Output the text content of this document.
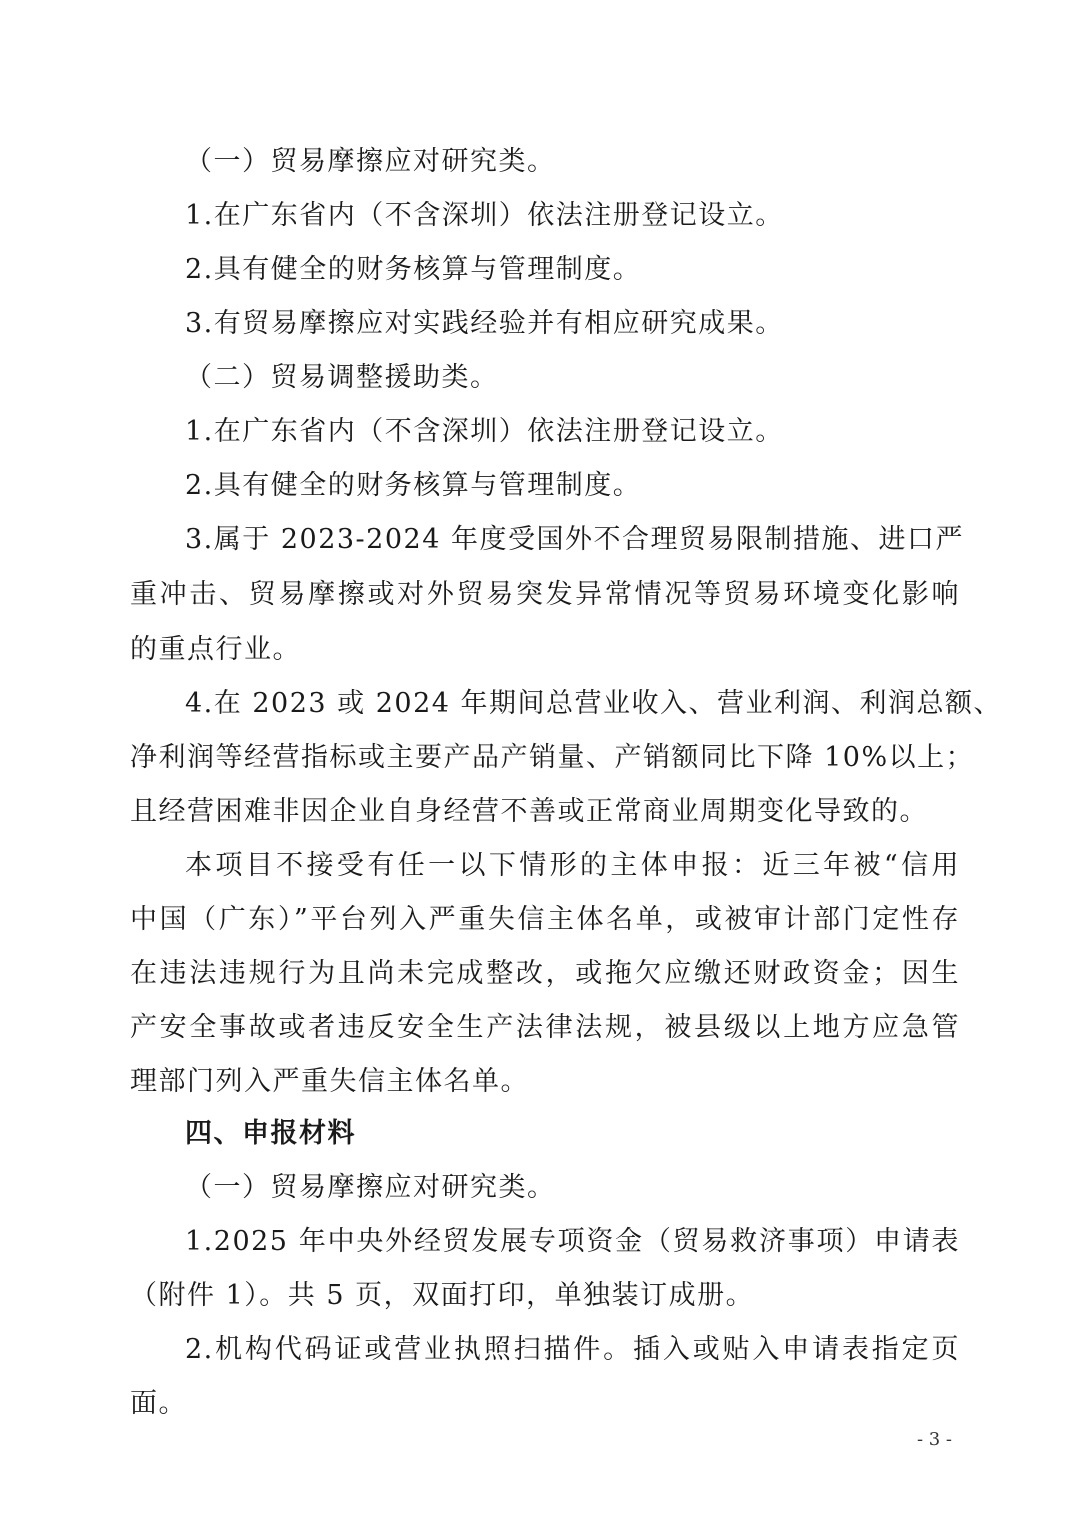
（一）贸易摩擦应对研究类。
1.在广东省内（不含深圳）依法注册登记设立。
2.具有健全的财务核算与管理制度。
3.有贸易摩擦应对实践经验并有相应研究成果。
（二）贸易调整援助类。
1.在广东省内（不含深圳）依法注册登记设立。
2.具有健全的财务核算与管理制度。
3.属于 2023-2024 年度受国外不合理贸易限制措施、进口严
重冲击、贸易摩擦或对外贸易突发异常情况等贸易环境变化影响
的重点行业。
4.在 2023 或 2024 年期间总营业收入、营业利润、利润总额、
净利润等经营指标或主要产品产销量、产销额同比下降 10%以上；
且经营困难非因企业自身经营不善或正常商业周期变化导致的。
本项目不接受有任一以下情形的主体申报：近三年被“信用
中国（广东）”平台列入严重失信主体名单，或被审计部门定性存
在违法违规行为且尚未完成整改，或拖欠应缴还财政资金；因生
产安全事故或者违反安全生产法律法规，被县级以上地方应急管
理部门列入严重失信主体名单。
四、申报材料
（一）贸易摩擦应对研究类。
1.2025 年中央外经贸发展专项资金（贸易救济事项）申请表
（附件 1）。共 5 页，双面打印，单独装订成册。
2.机构代码证或营业执照扫描件。插入或贴入申请表指定页
面。
- 3 -
